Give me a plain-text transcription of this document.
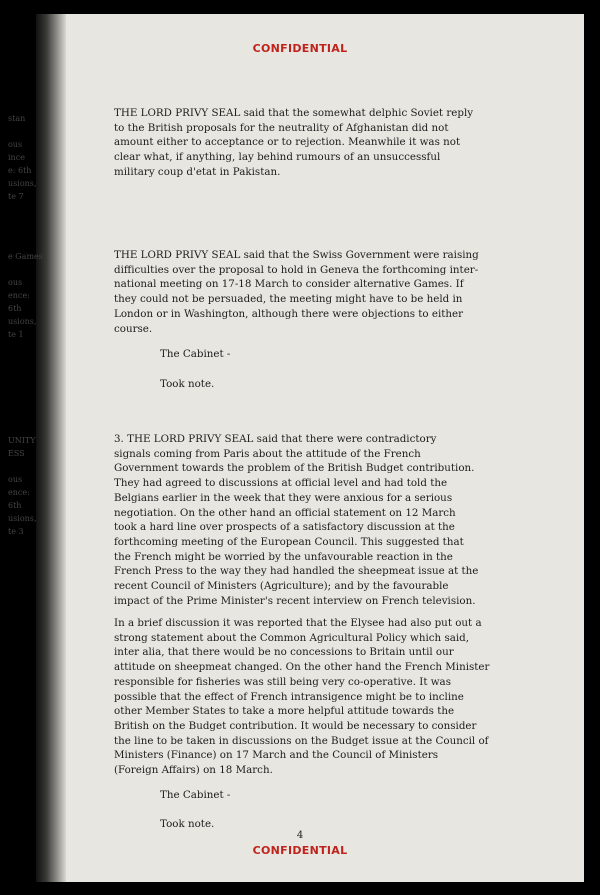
CONFIDENTIAL
stan

ous
ince
e: 6th
usions,
te 7
e Games

ous
ence:
6th
usions,
te 1
UNITY
ESS

ous
ence:
6th
usions,
te 3
THE LORD PRIVY SEAL said that the somewhat delphic Soviet reply
to the British proposals for the neutrality of Afghanistan did not
amount either to acceptance or to rejection. Meanwhile it was not
clear what, if anything, lay behind rumours of an unsuccessful
military coup d'etat in Pakistan.
THE LORD PRIVY SEAL said that the Swiss Government were raising
difficulties over the proposal to hold in Geneva the forthcoming inter-
national meeting on 17-18 March to consider alternative Games. If
they could not be persuaded, the meeting might have to be held in
London or in Washington, although there were objections to either
course.
The Cabinet -
Took note.
3. THE LORD PRIVY SEAL said that there were contradictory
signals coming from Paris about the attitude of the French
Government towards the problem of the British Budget contribution.
They had agreed to discussions at official level and had told the
Belgians earlier in the week that they were anxious for a serious
negotiation. On the other hand an official statement on 12 March
took a hard line over prospects of a satisfactory discussion at the
forthcoming meeting of the European Council. This suggested that
the French might be worried by the unfavourable reaction in the
French Press to the way they had handled the sheepmeat issue at the
recent Council of Ministers (Agriculture); and by the favourable
impact of the Prime Minister's recent interview on French television.
In a brief discussion it was reported that the Elysee had also put out a
strong statement about the Common Agricultural Policy which said,
inter alia, that there would be no concessions to Britain until our
attitude on sheepmeat changed. On the other hand the French Minister
responsible for fisheries was still being very co-operative. It was
possible that the effect of French intransigence might be to incline
other Member States to take a more helpful attitude towards the
British on the Budget contribution. It would be necessary to consider
the line to be taken in discussions on the Budget issue at the Council of
Ministers (Finance) on 17 March and the Council of Ministers
(Foreign Affairs) on 18 March.
The Cabinet -
Took note.
4
CONFIDENTIAL
